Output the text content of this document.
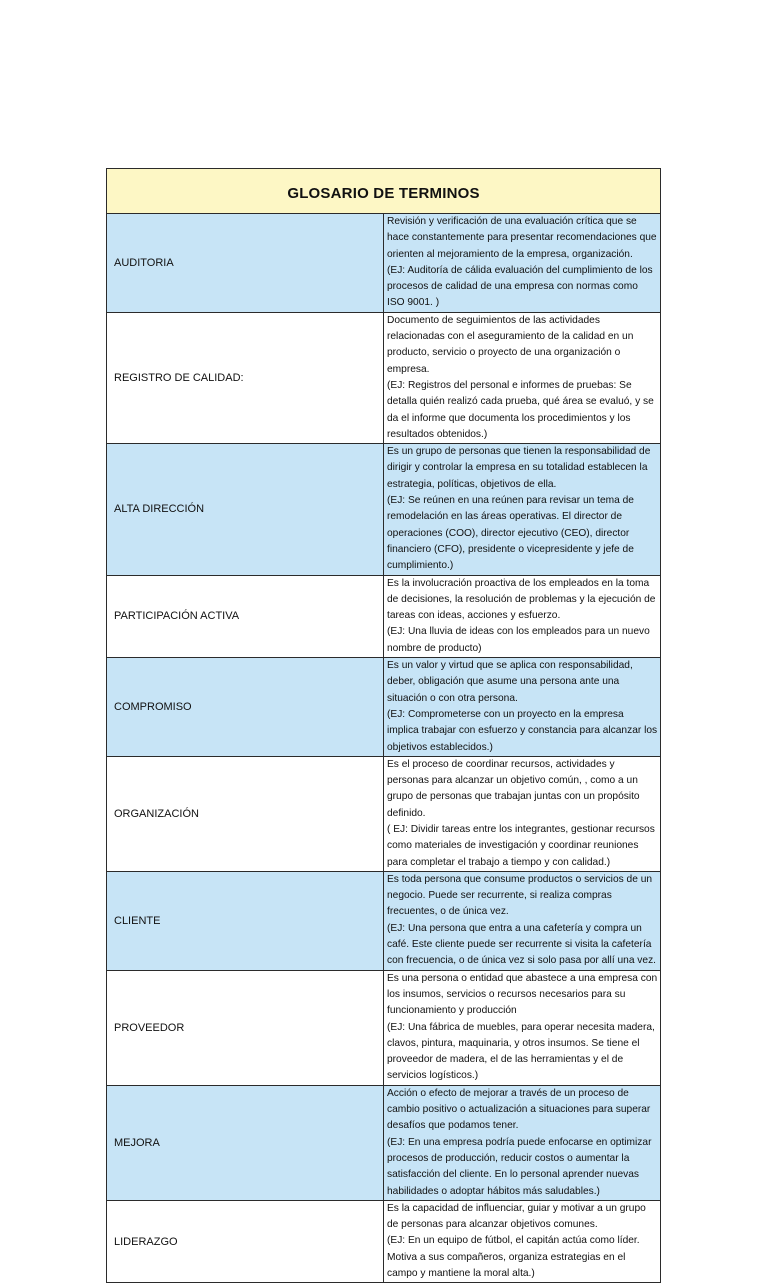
GLOSARIO DE TERMINOS	

AUDITORIA	Revisión y verificación de una evaluación crítica que se hace constantemente para presentar recomendaciones que orienten al mejoramiento de la empresa, organización.
(EJ: Auditoría de cálida evaluación del cumplimiento de los procesos de calidad de una empresa con normas como ISO 9001. )
REGISTRO DE CALIDAD:	Documento de seguimientos de las actividades relacionadas con el aseguramiento de la calidad en un producto, servicio o proyecto de una organización o empresa.
(EJ: Registros del personal e informes de pruebas: Se detalla quién realizó cada prueba, qué área se evaluó, y se da el informe que documenta los procedimientos y los resultados obtenidos.)
ALTA DIRECCIÓN	Es un grupo de personas que tienen la responsabilidad de dirigir y controlar la empresa en su totalidad establecen la estrategia, políticas, objetivos de ella.
(EJ: Se reúnen en una reúnen para revisar un tema de remodelación en las áreas operativas. El director de operaciones (COO), director ejecutivo (CEO), director financiero (CFO), presidente o vicepresidente y jefe de cumplimiento.)
PARTICIPACIÓN ACTIVA	Es la involucración proactiva de los empleados en la toma de decisiones, la resolución de problemas y la ejecución de tareas con ideas, acciones y esfuerzo.
(EJ: Una lluvia de ideas con los empleados para un nuevo nombre de producto)
COMPROMISO	Es un valor y virtud que se aplica con responsabilidad, deber, obligación que asume una persona ante una situación o con otra persona.
(EJ: Comprometerse con un proyecto en la empresa implica trabajar con esfuerzo y constancia para alcanzar los objetivos establecidos.)
ORGANIZACIÓN	Es el proceso de coordinar recursos, actividades y personas para alcanzar un objetivo común, , como a un grupo de personas que trabajan juntas con un propósito definido.
( EJ: Dividir tareas entre los integrantes, gestionar recursos como materiales de investigación y coordinar reuniones para completar el trabajo a tiempo y con calidad.)
CLIENTE	Es toda persona que consume productos o servicios de un negocio. Puede ser recurrente, si realiza compras frecuentes, o de única vez.
(EJ: Una persona que entra a una cafetería y compra un café. Este cliente puede ser recurrente si visita la cafetería con frecuencia, o de única vez si solo pasa por allí una vez.
PROVEEDOR	Es una persona o entidad que abastece a una empresa con los insumos, servicios o recursos necesarios para su funcionamiento y producción
(EJ: Una fábrica de muebles, para operar necesita madera, clavos, pintura, maquinaria, y otros insumos. Se tiene el proveedor de madera, el de las herramientas y el de servicios logísticos.)
MEJORA	Acción o efecto de mejorar a través de un proceso de cambio positivo o actualización a situaciones para superar desafíos que podamos tener.
(EJ: En una empresa podría puede enfocarse en optimizar procesos de producción, reducir costos o aumentar la satisfacción del cliente. En lo personal aprender nuevas habilidades o adoptar hábitos más saludables.)
LIDERAZGO	Es la capacidad de influenciar, guiar y motivar a un grupo de personas para alcanzar objetivos comunes.
(EJ: En un equipo de fútbol, el capitán actúa como líder. Motiva a sus compañeros, organiza estrategias en el campo y mantiene la moral alta.)
